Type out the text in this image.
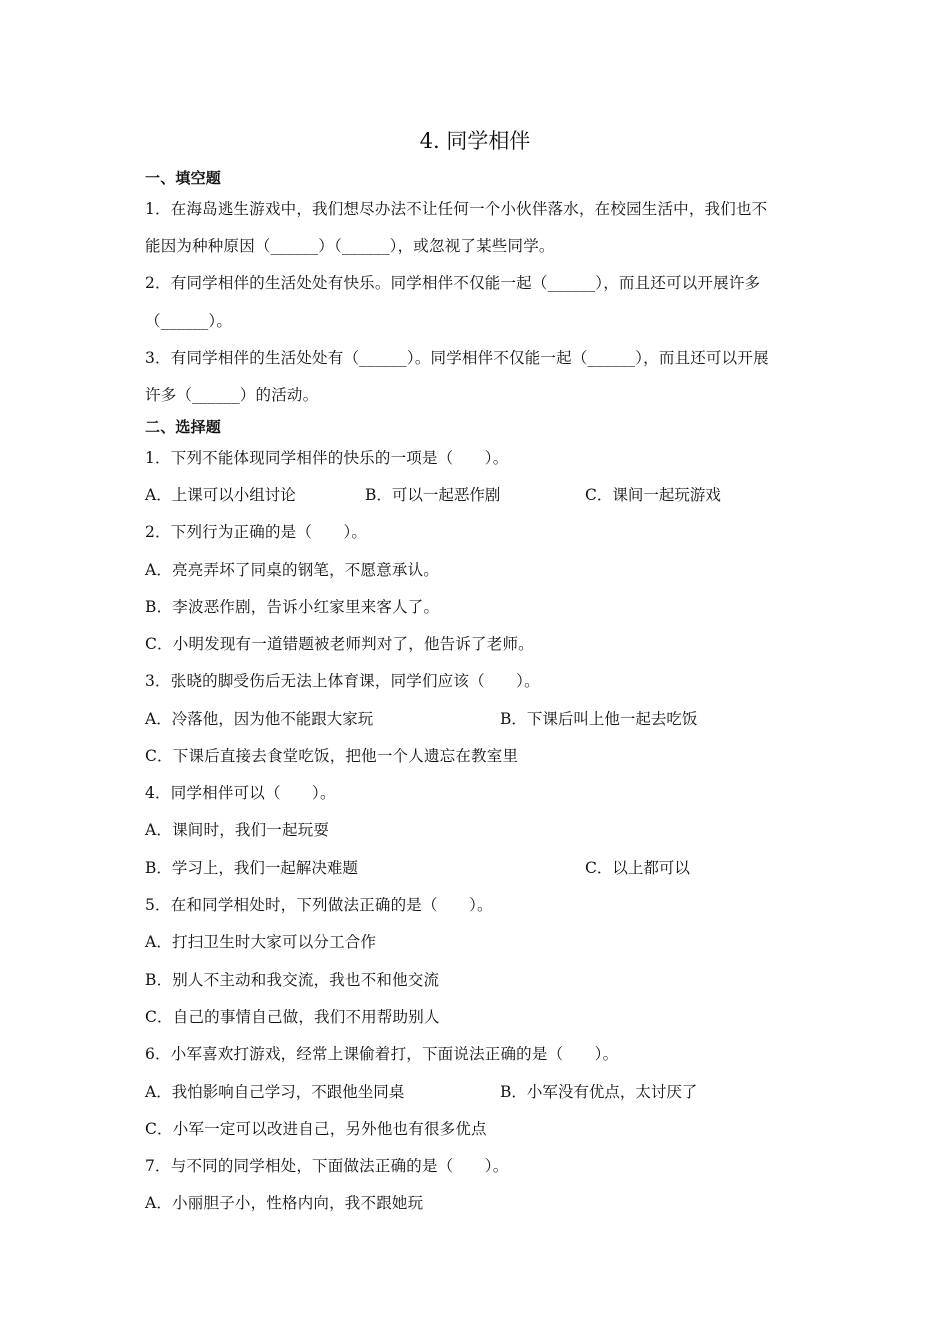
4. 同学相伴
一、填空题
1．在海岛逃生游戏中，我们想尽办法不让任何一个小伙伴落水，在校园生活中，我们也不
能因为种种原因（______）（______），或忽视了某些同学。
2．有同学相伴的生活处处有快乐。同学相伴不仅能一起（______），而且还可以开展许多
（______）。
3．有同学相伴的生活处处有（______）。同学相伴不仅能一起（______），而且还可以开展
许多（______）的活动。
二、选择题
1．下列不能体现同学相伴的快乐的一项是（　　）。
A．上课可以小组讨论	B．可以一起恶作剧	C．课间一起玩游戏
2．下列行为正确的是（　　）。
A．亮亮弄坏了同桌的钢笔，不愿意承认。
B．李波恶作剧，告诉小红家里来客人了。
C．小明发现有一道错题被老师判对了，他告诉了老师。
3．张晓的脚受伤后无法上体育课，同学们应该（　　）。
A．冷落他，因为他不能跟大家玩	B．下课后叫上他一起去吃饭
C．下课后直接去食堂吃饭，把他一个人遗忘在教室里
4．同学相伴可以（　　）。
A．课间时，我们一起玩耍
B．学习上，我们一起解决难题	C．以上都可以
5．在和同学相处时，下列做法正确的是（　　）。
A．打扫卫生时大家可以分工合作
B．别人不主动和我交流，我也不和他交流
C．自己的事情自己做，我们不用帮助别人
6．小军喜欢打游戏，经常上课偷着打，下面说法正确的是（　　）。
A．我怕影响自己学习，不跟他坐同桌	B．小军没有优点，太讨厌了
C．小军一定可以改进自己，另外他也有很多优点
7．与不同的同学相处，下面做法正确的是（　　）。
A．小丽胆子小，性格内向，我不跟她玩
